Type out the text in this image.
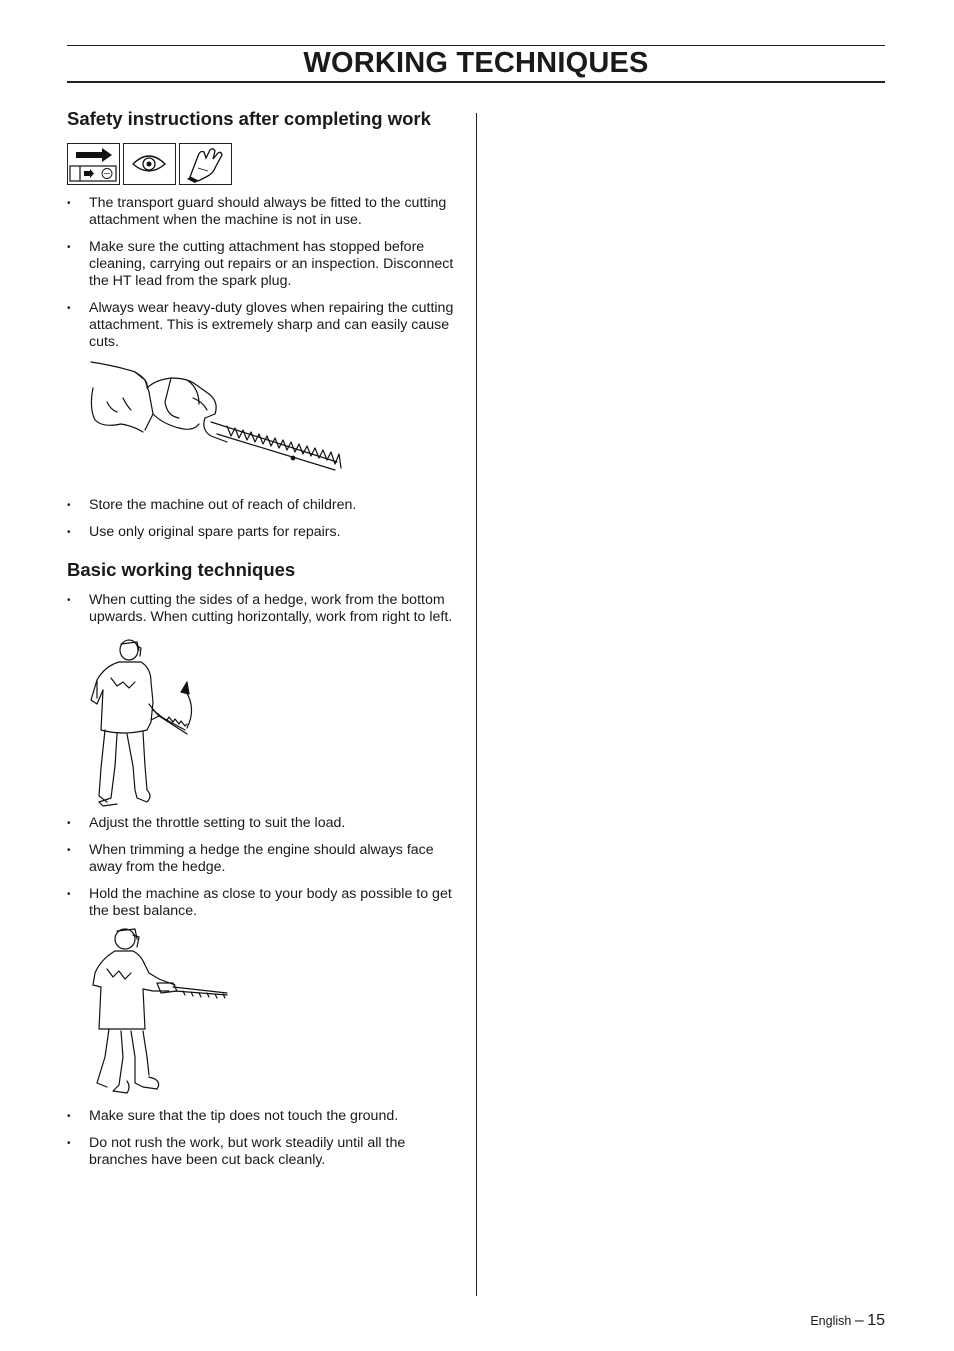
WORKING TECHNIQUES
Safety instructions after completing work
• The transport guard should always be fitted to the cutting attachment when the machine is not in use.
• Make sure the cutting attachment has stopped before cleaning, carrying out repairs or an inspection. Disconnect the HT lead from the spark plug.
• Always wear heavy-duty gloves when repairing the cutting attachment. This is extremely sharp and can easily cause cuts.
• Store the machine out of reach of children.
• Use only original spare parts for repairs.
Basic working techniques
• When cutting the sides of a hedge, work from the bottom upwards. When cutting horizontally, work from right to left.
• Adjust the throttle setting to suit the load.
• When trimming a hedge the engine should always face away from the hedge.
• Hold the machine as close to your body as possible to get the best balance.
• Make sure that the tip does not touch the ground.
• Do not rush the work, but work steadily until all the branches have been cut back cleanly.
English – 15
